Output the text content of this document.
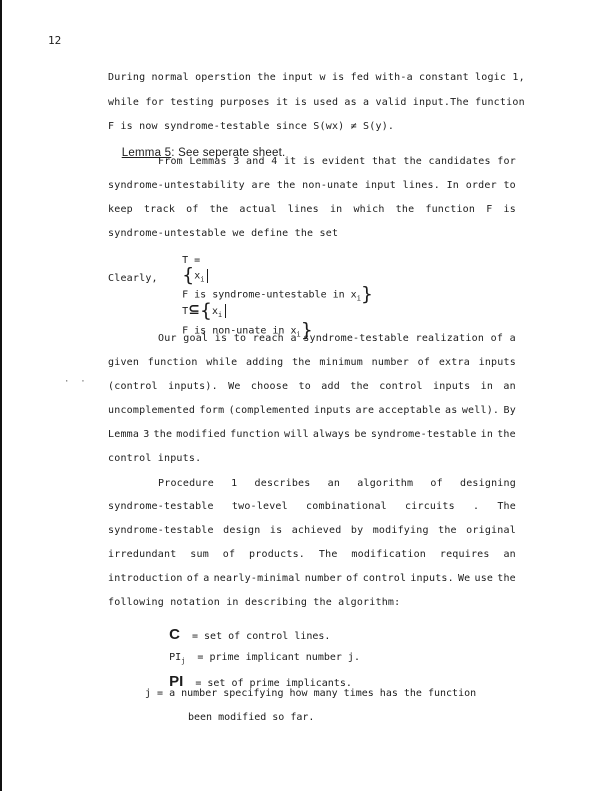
12
During normal operstion the input w is fed with-a constant logic 1 ,
while for testing purposes it is used as a valid input. The function
F is now syndrome-testable since S(wx) ≠ S(y).

Lemma 5: See seperate sheet.

From Lemmas 3 and 4 it is evident that the candidates for
syndrome-untestability are the non-unate input lines. In order to
keep track of the actual lines in which the function F is
syndrome-untestable we define the set

T =
{$x_i$
F is syndrome-untestable in $x_i$}

Clearly,

$T⊆\{x_i$
F is non-unate in $x_i$}

Our goal is to reach a syndrome-testable realization of a
given function while adding the minimum number of extra inputs
(control inputs). We choose to add the control inputs in an
uncomplemented form (complemented inputs are acceptable as well). By
Lemma 3 the modified function will always be syndrome-testable in the
control inputs.
·  ·
Procedure 1 describes an algorithm of designing
syndrome-testable two-level combinational circuits . The
syndrome-testable design is achieved by modifying the original
irredundant sum of products. The modification requires an
introduction of a nearly-minimal number of control inputs. We use the
following notation in describing the algorithm:

C = set of control lines.

$PI_j$ = prime implicant number j.

PI = set of prime implicants.

j = a number specifying how many times has the function
been modified so far.
